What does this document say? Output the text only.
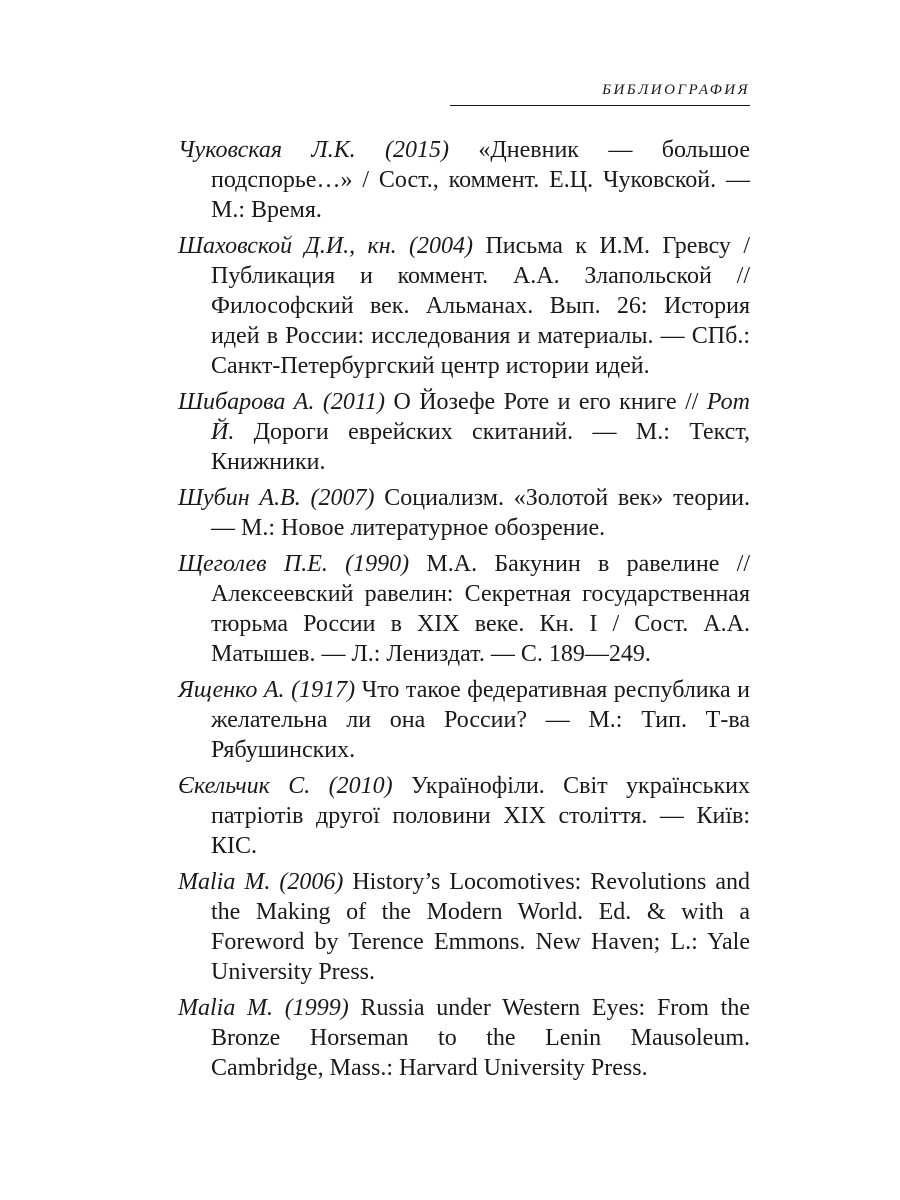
БИБЛИОГРАФИЯ

Чуковская Л.К. (2015) «Дневник — большое подспорье…» / Сост., коммент. Е.Ц. Чуковской. — М.: Время.

Шаховской Д.И., кн. (2004) Письма к И.М. Гревсу / Публикация и коммент. А.А. Злапольской // Философский век. Альманах. Вып. 26: История идей в России: исследования и материалы. — СПб.: Санкт-Петербургский центр истории идей.

Шибарова А. (2011) О Йозефе Роте и его книге // Рот Й. Дороги еврейских скитаний. — М.: Текст, Книжники.

Шубин А.В. (2007) Социализм. «Золотой век» теории. — М.: Новое литературное обозрение.

Щеголев П.Е. (1990) М.А. Бакунин в равелине // Алексеевский равелин: Секретная государственная тюрьма России в XIX веке. Кн. I / Сост. А.А. Матышев. — Л.: Лениздат. — С. 189—249.

Ященко А. (1917) Что такое федеративная республика и желательна ли она России? — М.: Тип. Т-ва Рябушинских.

Єкельчик С. (2010) Українофіли. Світ українських патріотів другої половини XIX століття. — Київ: КІС.

Malia M. (2006) History’s Locomotives: Revolutions and the Making of the Modern World. Ed. & with a Foreword by Terence Emmons. New Haven; L.: Yale University Press.

Malia M. (1999) Russia under Western Eyes: From the Bronze Horseman to the Lenin Mausoleum. Cambridge, Mass.: Harvard University Press.
